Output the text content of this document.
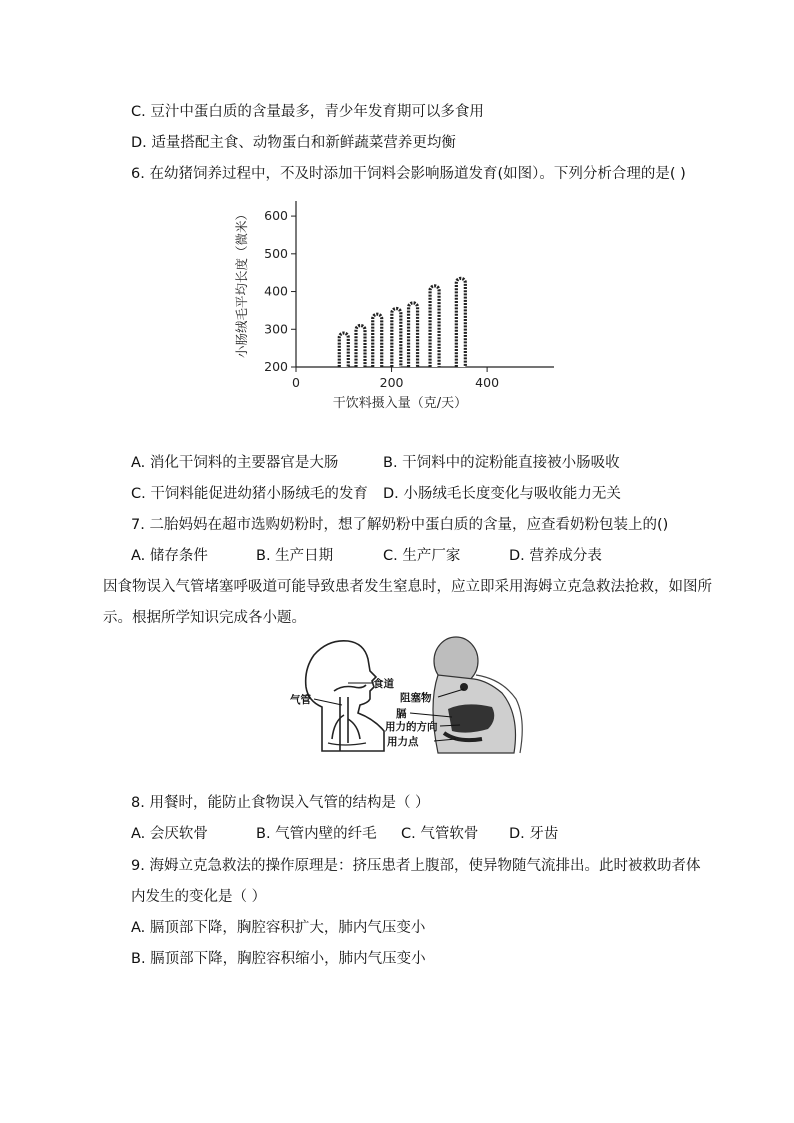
C. 豆汁中蛋白质的含量最多，青少年发育期可以多食用
D. 适量搭配主食、动物蛋白和新鲜蔬菜营养更均衡
6. 在幼猪饲养过程中，不及时添加干饲料会影响肠道发育(如图）。下列分析合理的是( )
200
300
400
500
600
0	200	400
干饮料摄入量（克/天）
小肠绒毛平均长度（微米）
A. 消化干饲料的主要器官是大肠	B. 干饲料中的淀粉能直接被小肠吸收
C. 干饲料能促进幼猪小肠绒毛的发育 D. 小肠绒毛长度变化与吸收能力无关
7. 二胎妈妈在超市选购奶粉时，想了解奶粉中蛋白质的含量，应查看奶粉包装上的()
A. 储存条件	B. 生产日期	C. 生产厂家	D. 营养成分表
因食物误入气管堵塞呼吸道可能导致患者发生窒息时，应立即采用海姆立克急救法抢救，如图所
示。根据所学知识完成各小题。
食道
气管	阻塞物
膈
用力的方向
用力点
8. 用餐时，能防止食物误入气管的结构是（ ）
A. 会厌软骨	B. 气管内壁的纤毛 C. 气管软骨 D. 牙齿
9. 海姆立克急救法的操作原理是：挤压患者上腹部，使异物随气流排出。此时被救助者体
内发生的变化是（ ）
A. 膈顶部下降，胸腔容积扩大，肺内气压变小
B. 膈顶部下降，胸腔容积缩小，肺内气压变小
